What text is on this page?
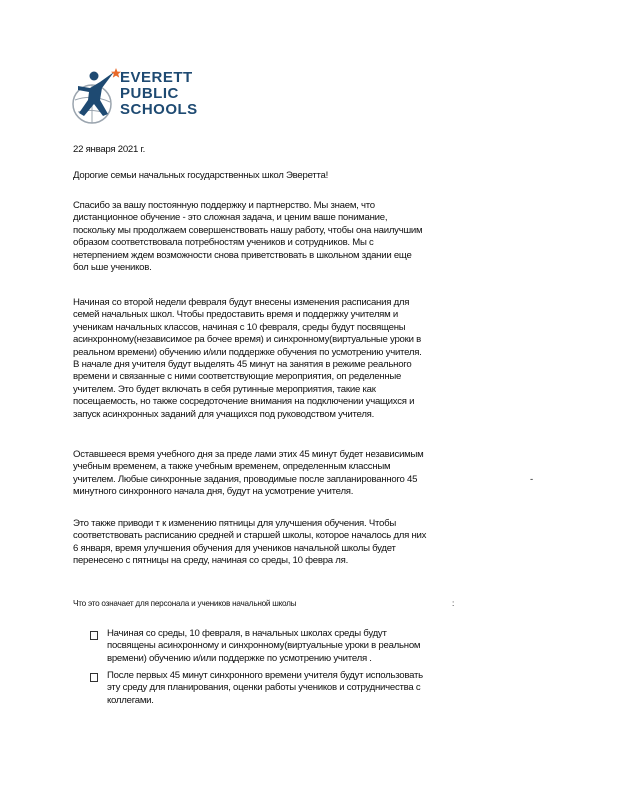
EVERETT
PUBLIC
SCHOOLS
22 января 2021 г.
Дорогие семьи начальных государственных школ Эверетта!
Спасибо за вашу постоянную поддержку и партнерство. Мы знаем, что
дистанционное обучение - это сложная задача, и ценим ваше понимание,
поскольку мы продолжаем совершенствовать нашу работу, чтобы она наилучшим
образом соответствовала потребностям учеников и сотрудников. Мы с
нетерпением ждем возможности снова приветствовать в школьном здании еще
бол ьше учеников.
Начиная со второй недели февраля будут внесены изменения расписания для
семей начальных школ. Чтобы предоставить время и поддержку учителям и
ученикам начальных классов, начиная с 10 февраля, среды будут посвящены
асинхронному(независимое ра бочее время) и синхронному(виртуальные уроки в
реальном времени) обучению и/или поддержке обучения по усмотрению учителя.
В начале дня учителя будут выделять 45 минут на занятия в режиме реального
времени и связанные с ними соответствующие мероприятия, оп ределенные
учителем. Это будет включать в себя рутинные мероприятия, такие как
посещаемость, но также сосредоточение внимания на подключении учащихся и
запуск асинхронных заданий для учащихся под руководством учителя.
Оставшееся время учебного дня за преде лами этих 45 минут будет независимым
учебным временем, а также учебным временем, определенным классным
учителем. Любые синхронные задания, проводимые после запланированного 45
минутного синхронного начала дня, будут на усмотрение учителя.
-
Это также приводи т к изменению пятницы для улучшения обучения. Чтобы
соответствовать расписанию средней и старшей школы, которое началось для них
6 января, время улучшения обучения для учеников начальной школы будет
перенесено с пятницы на среду, начиная со среды, 10 февра ля.
Что это означает для персонала и учеников начальной школы	:
Начиная со среды, 10 февраля, в начальных школах среды будут
посвящены асинхронному и синхронному(виртуальные уроки в реальном
времени) обучению и/или поддержке по усмотрению учителя .
После первых 45 минут синхронного времени учителя будут использовать
эту среду для планирования, оценки работы учеников и сотрудничества с
коллегами.
